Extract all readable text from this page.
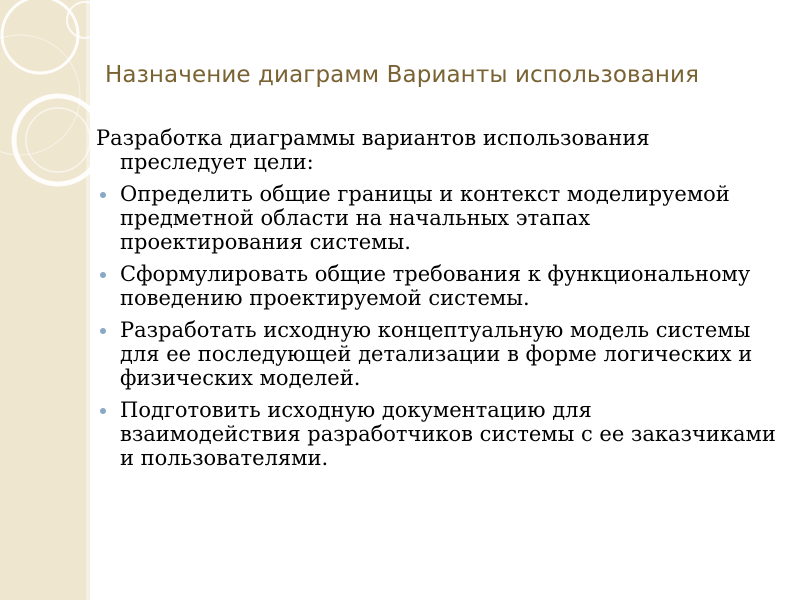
Назначение диаграмм Варианты использования
Разработка диаграммы вариантов использования преследует цели:
Определить общие границы и контекст моделируемой предметной области на начальных этапах проектирования системы.
Сформулировать общие требования к функциональному поведению проектируемой системы.
Разработать исходную концептуальную модель системы для ее последующей детализации в форме логических и физических моделей.
Подготовить исходную документацию для взаимодействия разработчиков системы с ее заказчиками и пользователями.
